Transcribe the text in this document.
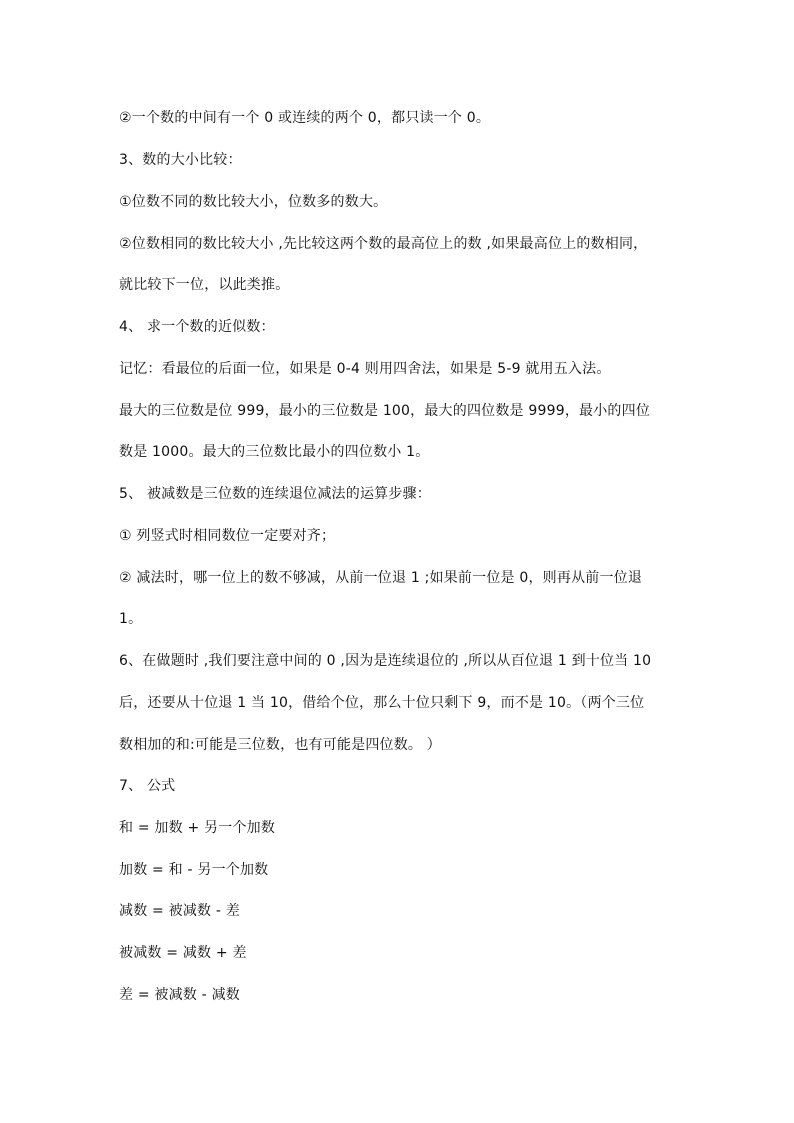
②一个数的中间有一个 0 或连续的两个 0，都只读一个 0。
3、数的大小比较：
①位数不同的数比较大小，位数多的数大。
②位数相同的数比较大小 ,先比较这两个数的最高位上的数 ,如果最高位上的数相同，
就比较下一位，以此类推。
4、 求一个数的近似数：
记忆：看最位的后面一位，如果是 0-4 则用四舍法，如果是 5-9 就用五入法。
最大的三位数是位 999，最小的三位数是 100，最大的四位数是 9999，最小的四位
数是 1000。最大的三位数比最小的四位数小 1。
5、 被减数是三位数的连续退位减法的运算步骤：
① 列竖式时相同数位一定要对齐；
② 减法时，哪一位上的数不够减，从前一位退 1 ;如果前一位是 0，则再从前一位退
1。
6、在做题时 ,我们要注意中间的 0 ,因为是连续退位的 ,所以从百位退 1 到十位当 10
后，还要从十位退 1 当 10，借给个位，那么十位只剩下 9，而不是 10。（两个三位
数相加的和:可能是三位数，也有可能是四位数。 ）
7、 公式
和 = 加数 + 另一个加数
加数 = 和 - 另一个加数
减数 = 被减数 - 差
被减数 = 减数 + 差
差 = 被减数 - 减数
